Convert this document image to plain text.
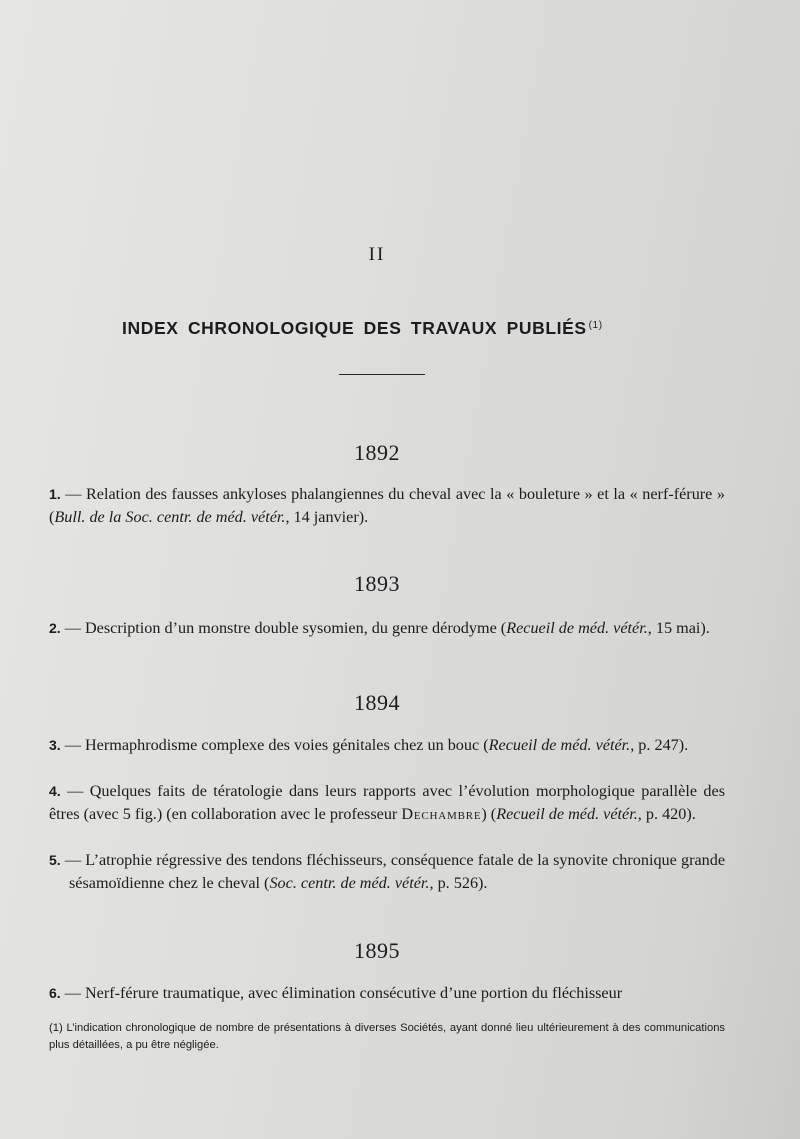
II
INDEX CHRONOLOGIQUE DES TRAVAUX PUBLIÉS $^{(1)}$
1892
1. — Relation des fausses ankyloses phalangiennes du cheval avec la « bouleture » et la « nerf-férure » (Bull. de la Soc. centr. de méd. vétér., 14 janvier).
1893
2. — Description d’un monstre double sysomien, du genre dérodyme (Recueil de méd. vétér., 15 mai).
1894
3. — Hermaphrodisme complexe des voies génitales chez un bouc (Recueil de méd. vétér., p. 247).
4. — Quelques faits de tératologie dans leurs rapports avec l’évolution morphologique parallèle des êtres (avec 5 fig.) (en collaboration avec le professeur Dechambre) (Recueil de méd. vétér., p. 420).
5. — L’atrophie régressive des tendons fléchisseurs, conséquence fatale de la synovite chronique grande sésamoïdienne chez le cheval (Soc. centr. de méd. vétér., p. 526).
1895
6. — Nerf-férure traumatique, avec élimination consécutive d’une portion du fléchisseur
(1) L’indication chronologique de nombre de présentations à diverses Sociétés, ayant donné lieu ultérieurement à des communications plus détaillées, a pu être négligée.
